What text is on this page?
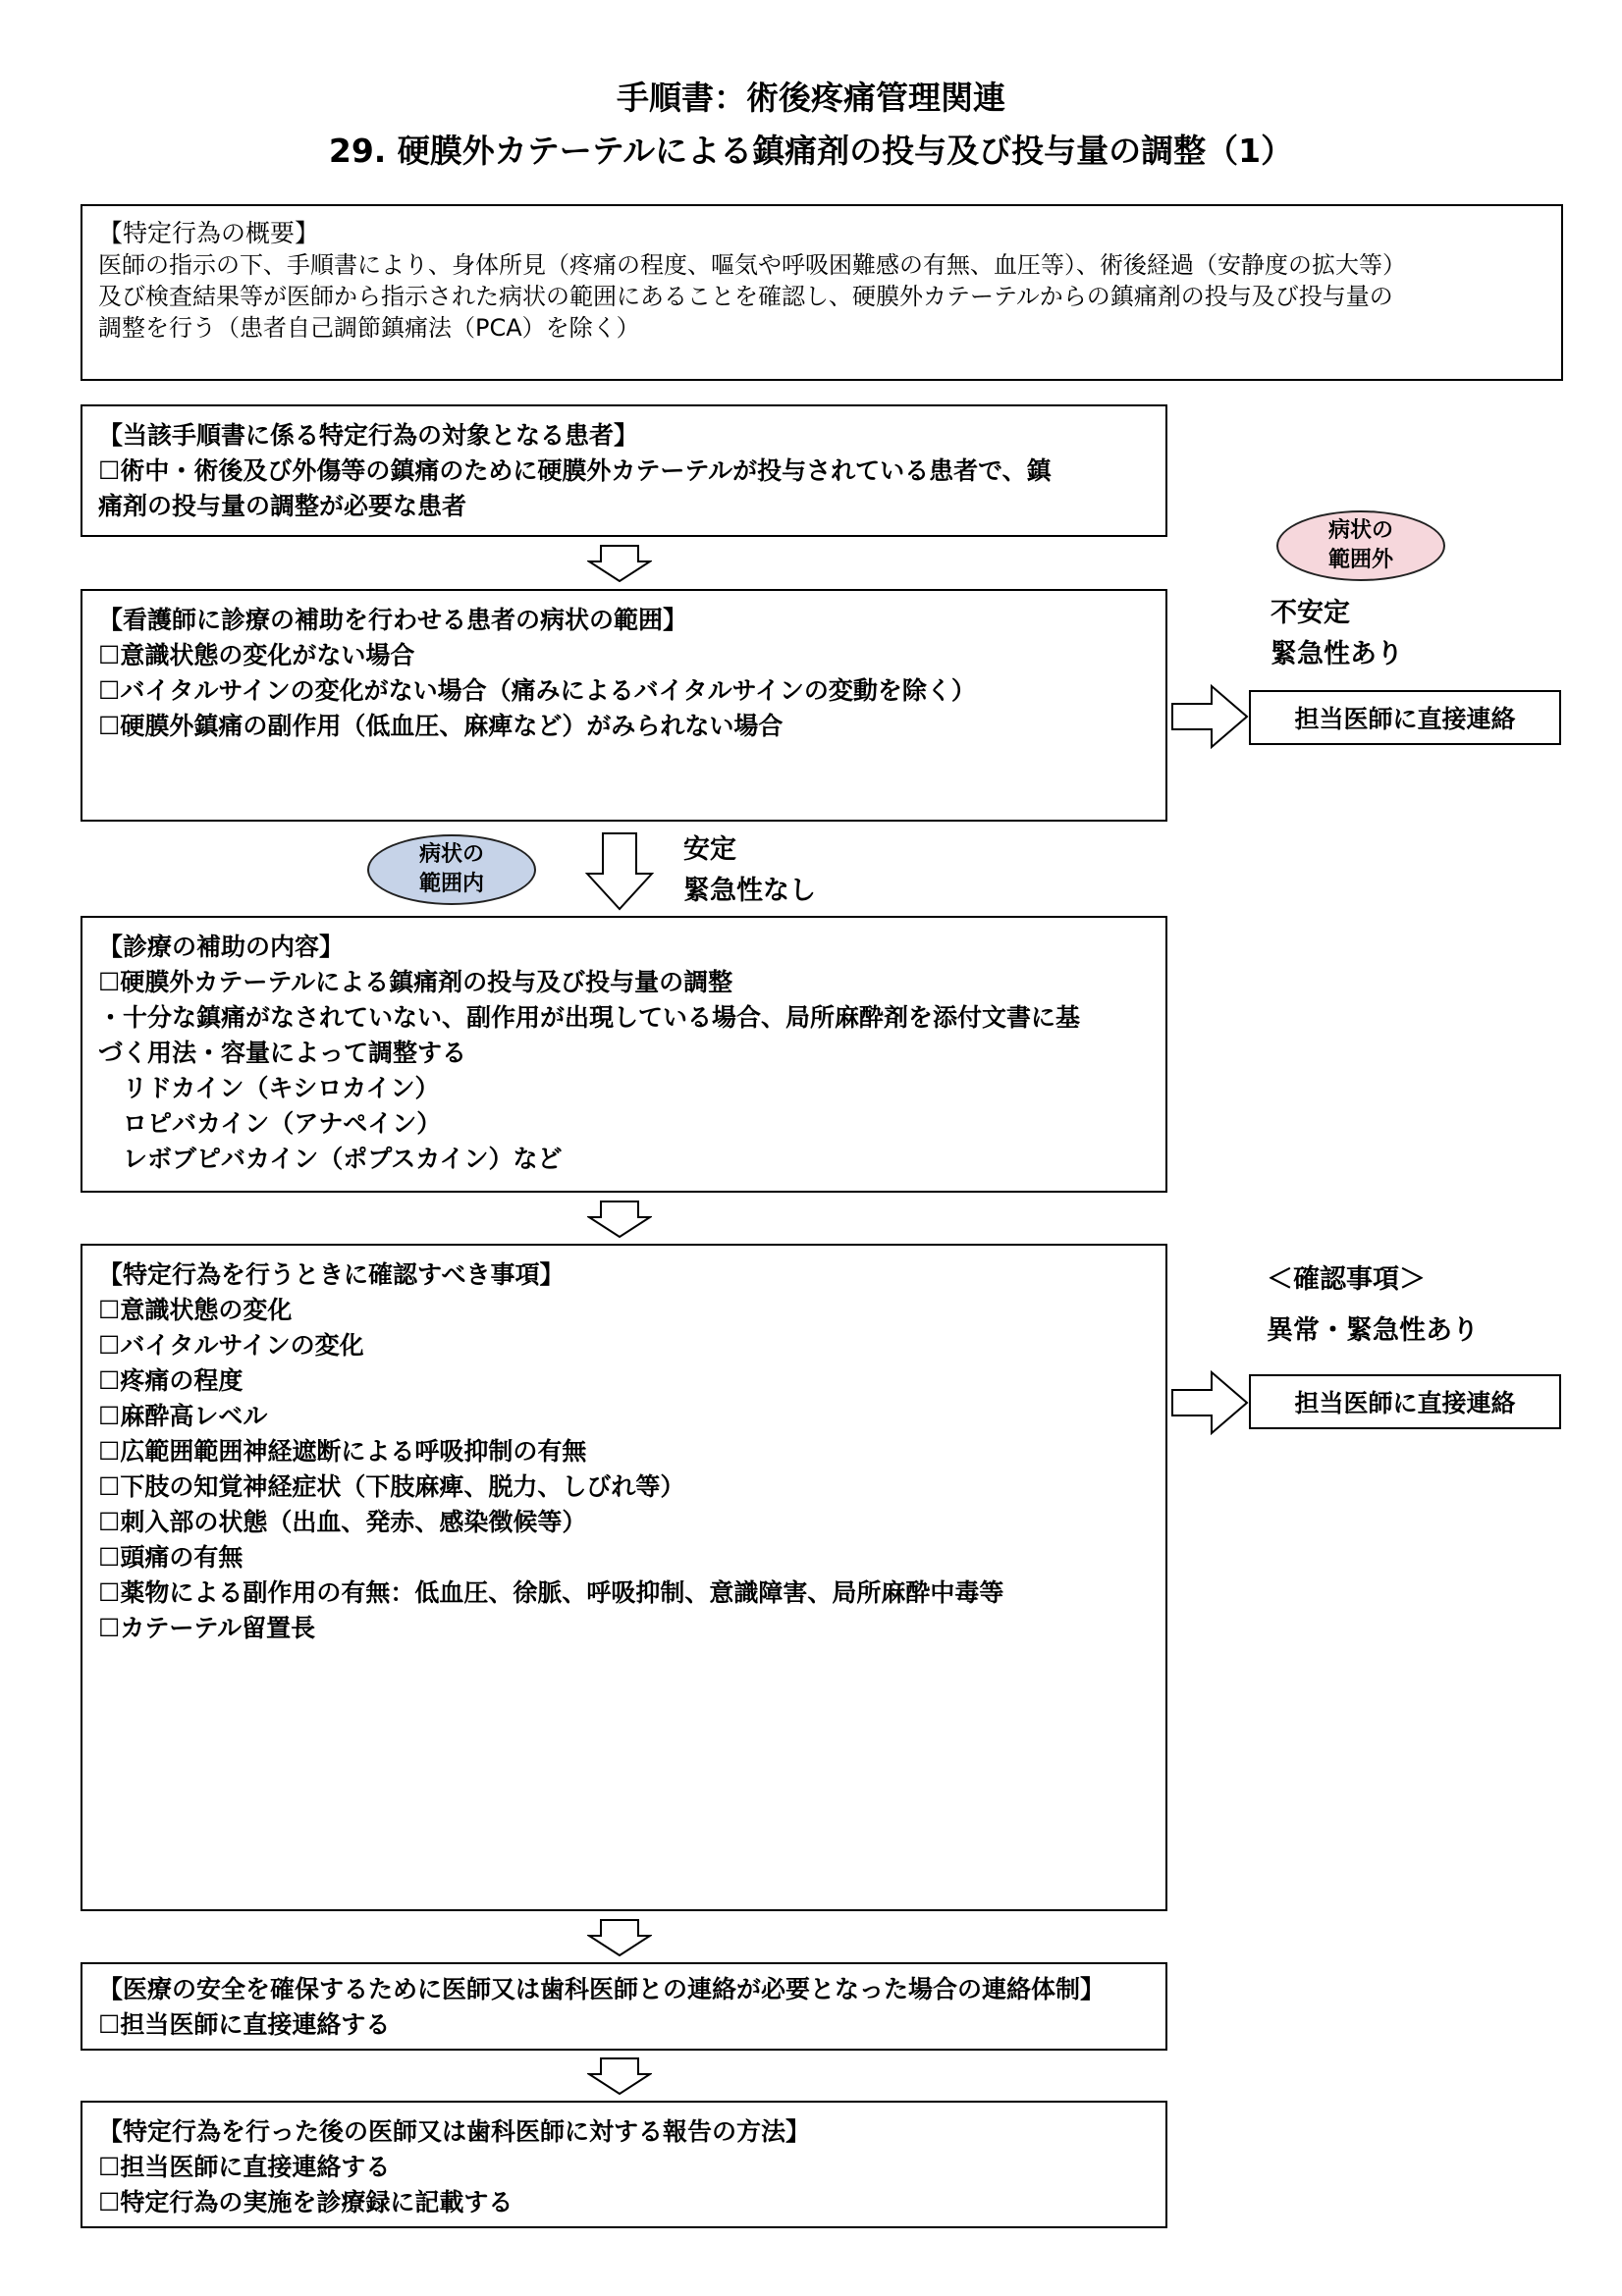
手順書：術後疼痛管理関連
29. 硬膜外カテーテルによる鎮痛剤の投与及び投与量の調整（1）
【特定行為の概要】
医師の指示の下、手順書により、身体所見（疼痛の程度、嘔気や呼吸困難感の有無、血圧等）、術後経過（安静度の拡大等）
及び検査結果等が医師から指示された病状の範囲にあることを確認し、硬膜外カテーテルからの鎮痛剤の投与及び投与量の
調整を行う（患者自己調節鎮痛法（PCA）を除く）
【当該手順書に係る特定行為の対象となる患者】
☐術中・術後及び外傷等の鎮痛のために硬膜外カテーテルが投与されている患者で、鎮
痛剤の投与量の調整が必要な患者
【看護師に診療の補助を行わせる患者の病状の範囲】
☐意識状態の変化がない場合
☐バイタルサインの変化がない場合（痛みによるバイタルサインの変動を除く）
☐硬膜外鎮痛の副作用（低血圧、麻痺など）がみられない場合
病状の
範囲外
不安定
緊急性あり
担当医師に直接連絡
病状の
範囲内
安定
緊急性なし
【診療の補助の内容】
☐硬膜外カテーテルによる鎮痛剤の投与及び投与量の調整
・十分な鎮痛がなされていない、副作用が出現している場合、局所麻酔剤を添付文書に基
づく用法・容量によって調整する
　リドカイン（キシロカイン）
　ロピバカイン（アナペイン）
　レボブピバカイン（ポプスカイン）など
【特定行為を行うときに確認すべき事項】
☐意識状態の変化
☐バイタルサインの変化
☐疼痛の程度
☐麻酔高レベル
☐広範囲範囲神経遮断による呼吸抑制の有無
☐下肢の知覚神経症状（下肢麻痺、脱力、しびれ等）
☐刺入部の状態（出血、発赤、感染徴候等）
☐頭痛の有無
☐薬物による副作用の有無：低血圧、徐脈、呼吸抑制、意識障害、局所麻酔中毒等
☐カテーテル留置長
＜確認事項＞
異常・緊急性あり
担当医師に直接連絡
【医療の安全を確保するために医師又は歯科医師との連絡が必要となった場合の連絡体制】
☐担当医師に直接連絡する
【特定行為を行った後の医師又は歯科医師に対する報告の方法】
☐担当医師に直接連絡する
☐特定行為の実施を診療録に記載する
